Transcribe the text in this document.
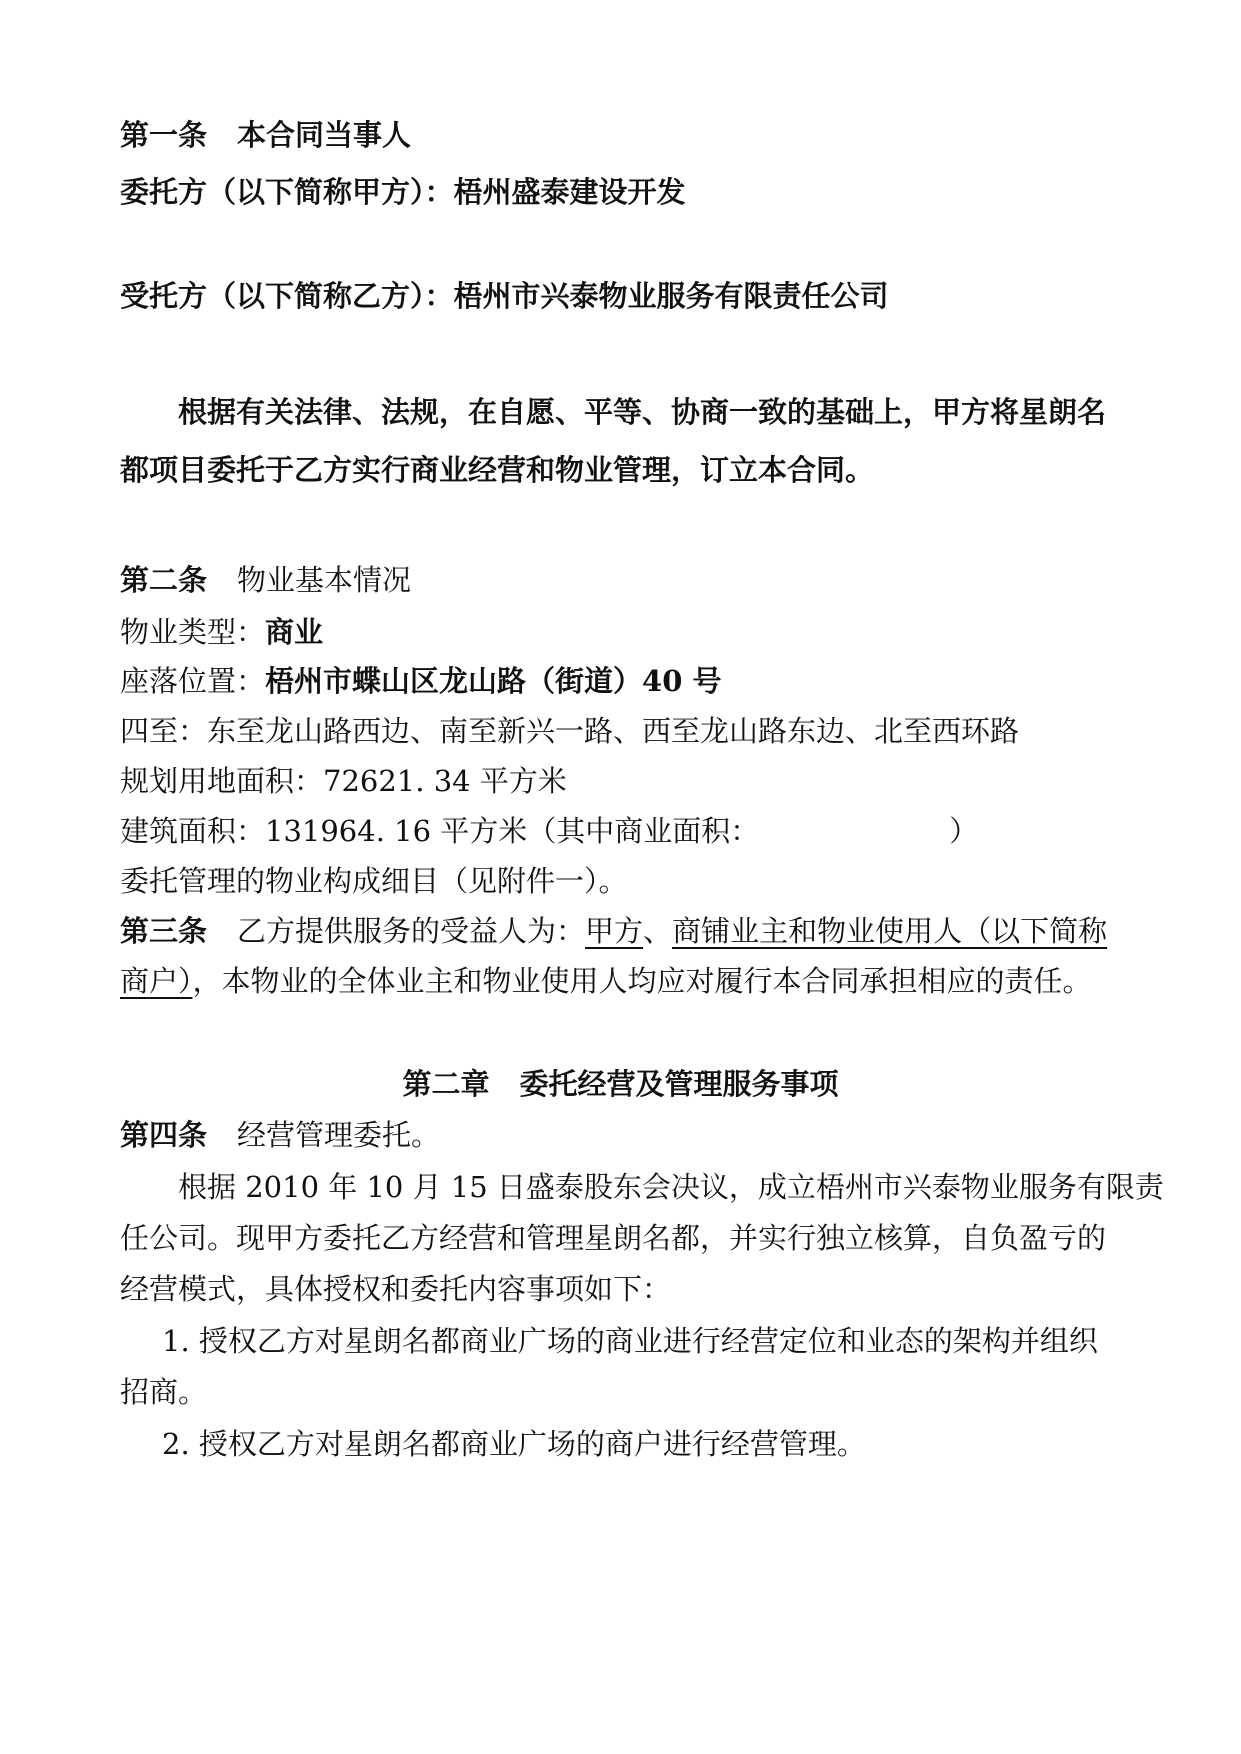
第一条 本合同当事人
委托方（以下简称甲方）：梧州盛泰建设开发
受托方（以下简称乙方）：梧州市兴泰物业服务有限责任公司
根据有关法律、法规，在自愿、平等、协商一致的基础上，甲方将星朗名
都项目委托于乙方实行商业经营和物业管理，订立本合同。
第二条 物业基本情况
物业类型：商业
座落位置：梧州市蝶山区龙山路（街道）40 号
四至：东至龙山路西边、南至新兴一路、西至龙山路东边、北至西环路
规划用地面积：72621. 34 平方米
建筑面积：131964. 16 平方米（其中商业面积：	）
委托管理的物业构成细目（见附件一）。
第三条 乙方提供服务的受益人为：甲方、商铺业主和物业使用人（以下简称
商户），本物业的全体业主和物业使用人均应对履行本合同承担相应的责任。
第二章 委托经营及管理服务事项
第四条 经营管理委托。
根据 2010 年 10 月 15 日盛泰股东会决议，成立梧州市兴泰物业服务有限责
任公司。现甲方委托乙方经营和管理星朗名都，并实行独立核算，自负盈亏的
经营模式，具体授权和委托内容事项如下：
1. 授权乙方对星朗名都商业广场的商业进行经营定位和业态的架构并组织
招商。
2. 授权乙方对星朗名都商业广场的商户进行经营管理。
